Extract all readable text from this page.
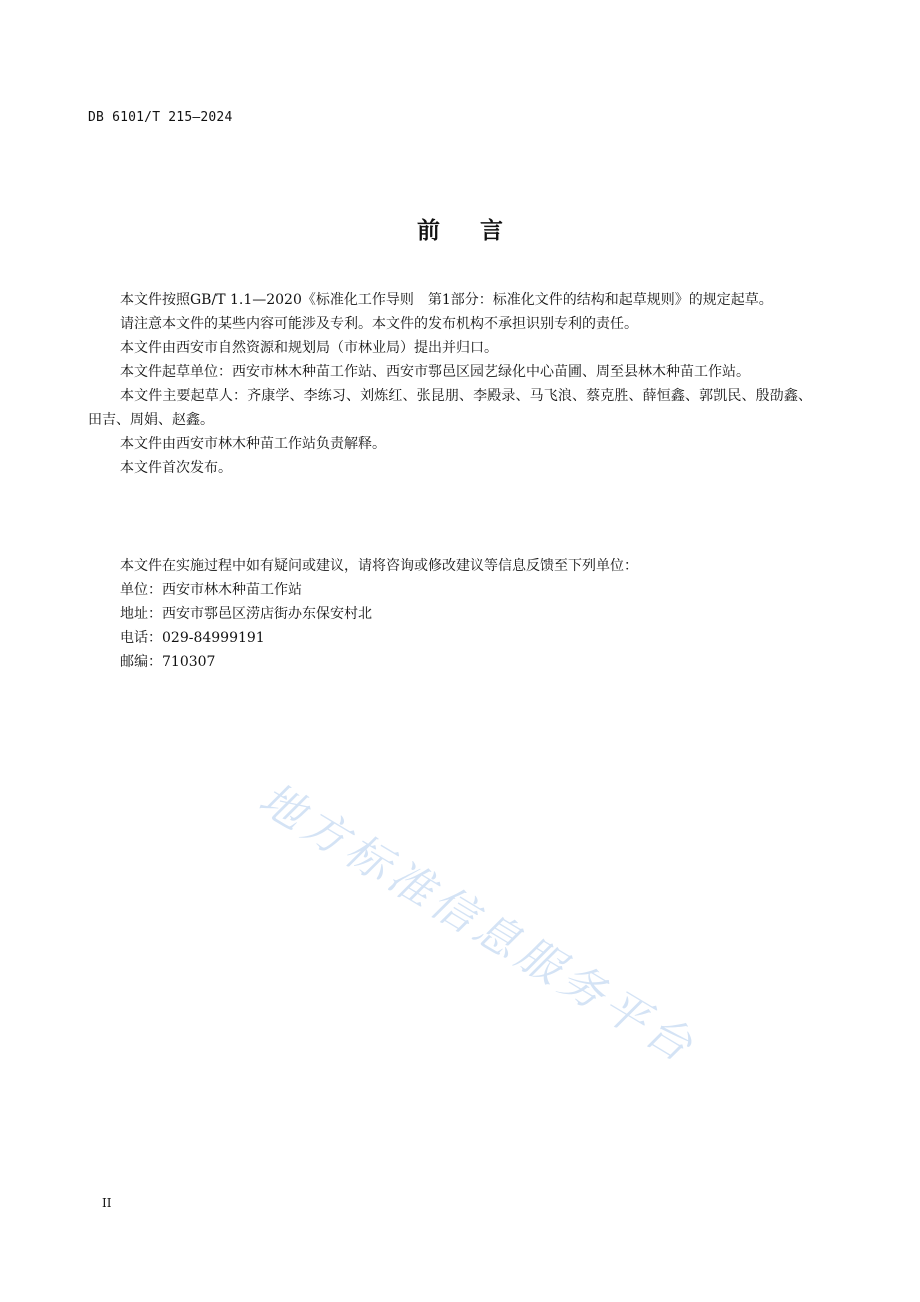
DB 6101/T 215—2024
前言

本文件按照GB/T 1.1—2020《标准化工作导则　第1部分：标准化文件的结构和起草规则》的规定起草。

请注意本文件的某些内容可能涉及专利。本文件的发布机构不承担识别专利的责任。

本文件由西安市自然资源和规划局（市林业局）提出并归口。

本文件起草单位：西安市林木种苗工作站、西安市鄠邑区园艺绿化中心苗圃、周至县林木种苗工作站。

本文件主要起草人：齐康学、李练习、刘炼红、张昆朋、李殿录、马飞浪、蔡克胜、薛恒鑫、郭凯民、殷劭鑫、田吉、周娟、赵鑫。

本文件由西安市林木种苗工作站负责解释。

本文件首次发布。

本文件在实施过程中如有疑问或建议，请将咨询或修改建议等信息反馈至下列单位：

单位：西安市林木种苗工作站

地址：西安市鄠邑区涝店街办东保安村北

电话：029-84999191

邮编：710307

地方标准信息服务平台
II
